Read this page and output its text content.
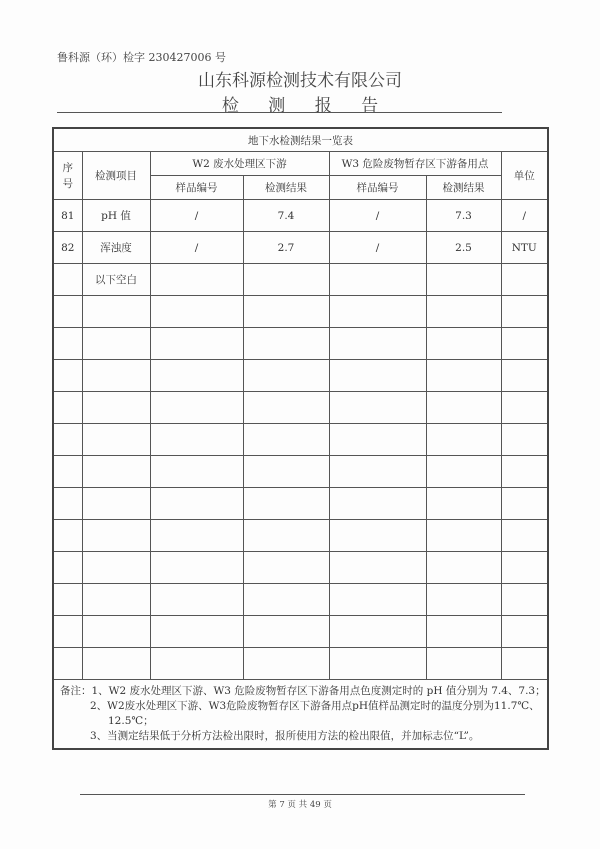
鲁科源（环）检字 230427006 号
山东科源检测技术有限公司
检 测 报 告
地下水检测结果一览表						
序号	检测项目	W2 废水处理区下游		W3 危险废物暂存区下游备用点		单位
		样品编号	检测结果	样品编号	检测结果	
81	pH 值	/	7.4	/	7.3	/
82	浑浊度	/	2.7	/	2.5	NTU
	以下空白					

备注：1、W2 废水处理区下游、W3 危险废物暂存区下游备用点色度测定时的 pH 值分别为 7.4、7.3；
2、W2废水处理区下游、W3危险废物暂存区下游备用点pH值样品测定时的温度分别为11.7℃、
12.5℃；
3、当测定结果低于分析方法检出限时，报所使用方法的检出限值，并加标志位“L”。						
第 7 页 共 49 页
